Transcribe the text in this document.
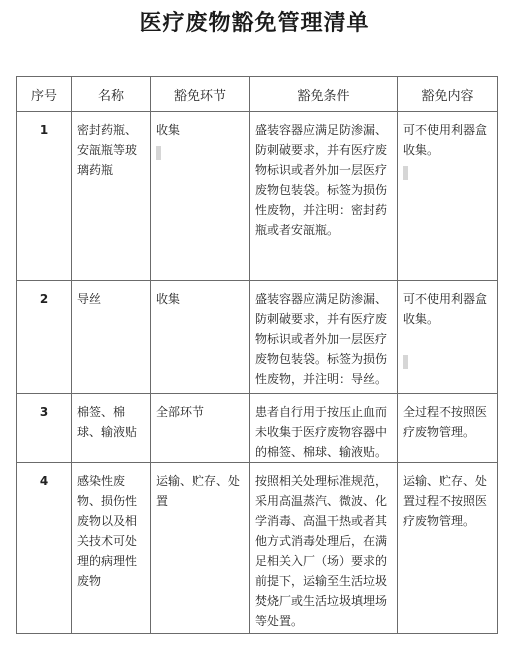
医疗废物豁免管理清单
序号	名称	豁免环节	豁免条件	豁免内容

1	密封药瓶、安瓿瓶等玻璃药瓶	收集	盛装容器应满足防渗漏、防刺破要求，并有医疗废物标识或者外加一层医疗废物包装袋。标签为损伤性废物，并注明：密封药瓶或者安瓿瓶。	可不使用利器盒收集。

2	导丝	收集	盛装容器应满足防渗漏、防刺破要求，并有医疗废物标识或者外加一层医疗废物包装袋。标签为损伤性废物，并注明：导丝。	可不使用利器盒收集。

3	棉签、棉球、输液贴	全部环节	患者自行用于按压止血而未收集于医疗废物容器中的棉签、棉球、输液贴。	全过程不按照医疗废物管理。

4	感染性废物、损伤性废物以及相关技术可处理的病理性废物	运输、贮存、处置	按照相关处理标准规范，采用高温蒸汽、微波、化学消毒、高温干热或者其他方式消毒处理后，在满足相关入厂（场）要求的前提下，运输至生活垃圾焚烧厂或生活垃圾填埋场等处置。	运输、贮存、处置过程不按照医疗废物管理。
